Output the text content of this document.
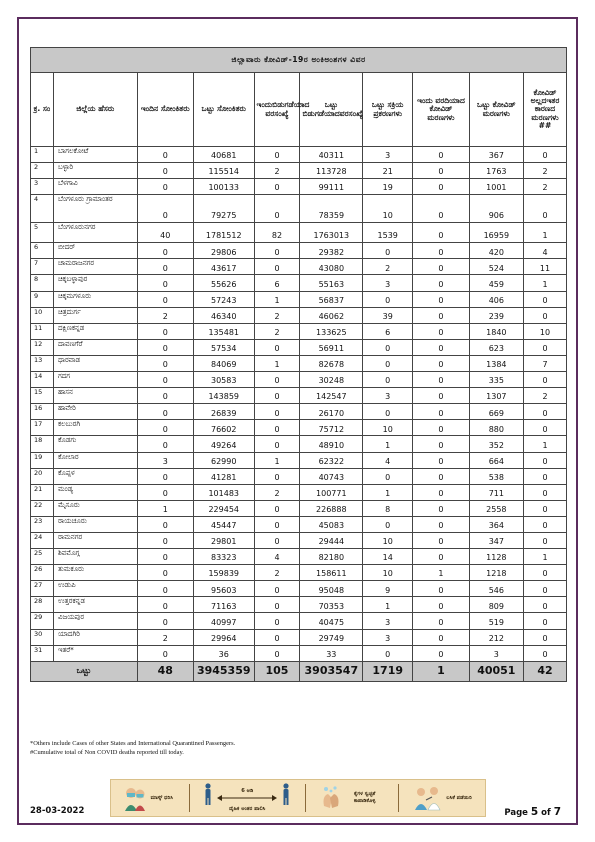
ಜಿಲ್ಲಾವಾರು ಕೋವಿಡ್-19ರ ಅಂಕಿಅಂಶಗಳ ವಿವರ									
ಕ್ರ. ಸಂ	ಜಿಲ್ಲೆಯ ಹೆಸರು	ಇಂದಿನ ಸೋಂಕಿತರು	ಒಟ್ಟು ಸೋಂಕಿತರು	ಇಂದುಬಿಡುಗಡೆಯಾದ ವರಸಂಖ್ಯೆ	ಒಟ್ಟು ಬಿಡುಗಡೆಯಾದವರಸಂಖ್ಯೆ	ಒಟ್ಟು ಸಕ್ರಿಯ ಪ್ರಕರಣಗಳು	ಇಂದು ವರದಿಯಾದ ಕೋವಿಡ್ ಮರಣಗಳು	ಒಟ್ಟು ಕೋವಿಡ್ ಮರಣಗಳು	ಕೋವಿಡ್ ಅಲ್ಲದಇತರ ಕಾರಣದ ಮರಣಗಳು ##
1	ಬಾಗಲಕೋಟೆ	0	40681	0	40311	3	0	367	0
2	ಬಳ್ಳಾರಿ	0	115514	2	113728	21	0	1763	2
3	ಬೆಳಗಾವಿ	0	100133	0	99111	19	0	1001	2
4	ಬೆಂಗಳೂರು ಗ್ರಾಮಾಂತರ	0	79275	0	78359	10	0	906	0
5	ಬೆಂಗಳೂರುನಗರ	40	1781512	82	1763013	1539	0	16959	1
6	ಬೀದರ್	0	29806	0	29382	0	0	420	4
7	ಚಾಮರಾಜನಗರ	0	43617	0	43080	2	0	524	11
8	ಚಿಕ್ಕಬಳ್ಳಾಪುರ	0	55626	6	55163	3	0	459	1
9	ಚಿಕ್ಕಮಗಳೂರು	0	57243	1	56837	0	0	406	0
10	ಚಿತ್ರದುರ್ಗ	2	46340	2	46062	39	0	239	0
11	ದಕ್ಷಿಣಕನ್ನಡ	0	135481	2	133625	6	0	1840	10
12	ದಾವಣಗೆರೆ	0	57534	0	56911	0	0	623	0
13	ಧಾರವಾಡ	0	84069	1	82678	0	0	1384	7
14	ಗದಗ	0	30583	0	30248	0	0	335	0
15	ಹಾಸನ	0	143859	0	142547	3	0	1307	2
16	ಹಾವೇರಿ	0	26839	0	26170	0	0	669	0
17	ಕಲಬುರಗಿ	0	76602	0	75712	10	0	880	0
18	ಕೊಡಗು	0	49264	0	48910	1	0	352	1
19	ಕೋಲಾರ	3	62990	1	62322	4	0	664	0
20	ಕೊಪ್ಪಳ	0	41281	0	40743	0	0	538	0
21	ಮಂಡ್ಯ	0	101483	2	100771	1	0	711	0
22	ಮೈಸೂರು	1	229454	0	226888	8	0	2558	0
23	ರಾಯಚೂರು	0	45447	0	45083	0	0	364	0
24	ರಾಮನಗರ	0	29801	0	29444	10	0	347	0
25	ಶಿವಮೊಗ್ಗ	0	83323	4	82180	14	0	1128	1
26	ತುಮಕೂರು	0	159839	2	158611	10	1	1218	0
27	ಉಡುಪಿ	0	95603	0	95048	9	0	546	0
28	ಉತ್ತರಕನ್ನಡ	0	71163	0	70353	1	0	809	0
29	ವಿಜಯಪುರ	0	40997	0	40475	3	0	519	0
30	ಯಾದಗಿರಿ	2	29964	0	29749	3	0	212	0
31	ಇತರೆ*	0	36	0	33	0	0	3	0
ಒಟ್ಟು		48	3945359	105	3903547	1719	1	40051	42
*Others include Cases of other States and International Quarantined Passengers.
#Cumulative total of Non COVID deaths reported till today.
ಮಾಸ್ಕ್ ಧರಿಸಿ
6 ಅಡಿ
ದೈಹಿಕ ಅಂತರ ಪಾಲಿಸಿ
ಕೈಗಳ ಸ್ವಚ್ಛತೆ ಕಾಪಾಡಿಕೊಳ್ಳಿ
ಲಸಿಕೆ ಪಡೆಯಿರಿ
28-03-2022	Page 5 of 7
